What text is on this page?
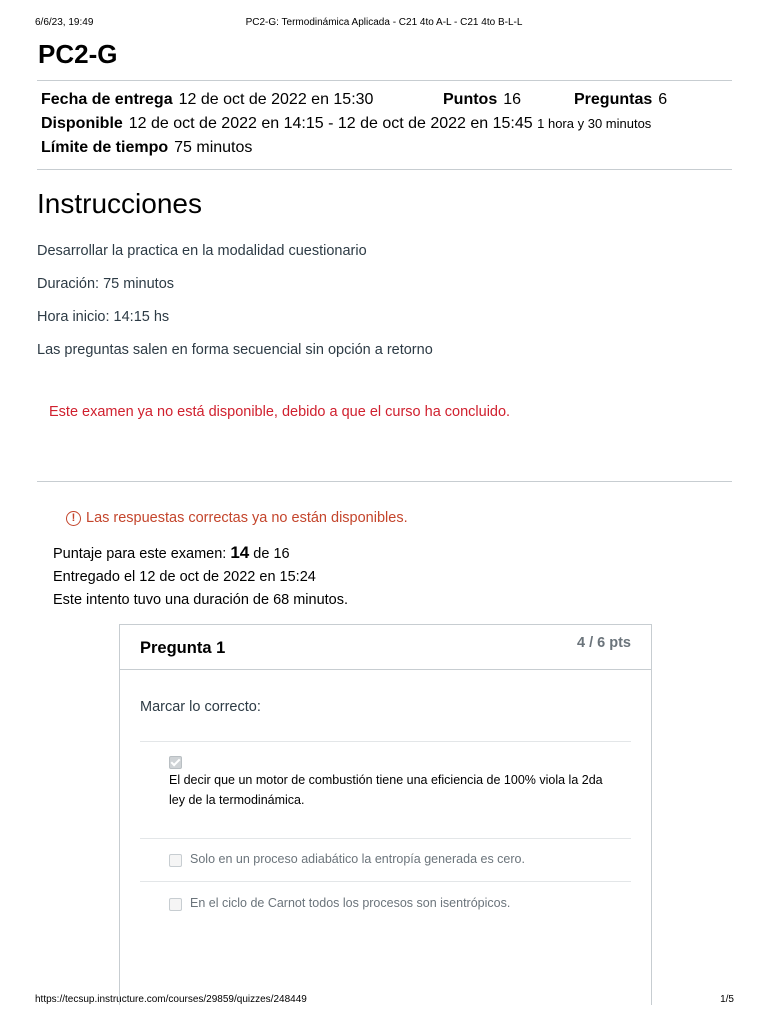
6/6/23, 19:49	PC2-G: Termodinámica Aplicada - C21 4to A-L - C21 4to B-L-L
https://tecsup.instructure.com/courses/29859/quizzes/248449	1/5
PC2-G
Fecha de entrega 12 de oct de 2022 en 15:30	Puntos 16	Preguntas 6
Disponible 12 de oct de 2022 en 14:15 - 12 de oct de 2022 en 15:45 1 hora y 30 minutos
Límite de tiempo 75 minutos
Instrucciones
Desarrollar la practica en la modalidad cuestionario
Duración: 75 minutos
Hora inicio: 14:15 hs
Las preguntas salen en forma secuencial sin opción a retorno
Este examen ya no está disponible, debido a que el curso ha concluido.
! Las respuestas correctas ya no están disponibles.
Puntaje para este examen: 14 de 16
Entregado el 12 de oct de 2022 en 15:24
Este intento tuvo una duración de 68 minutos.
Pregunta 1	4 / 6 pts
Marcar lo correcto:
El decir que un motor de combustión tiene una eficiencia de 100% viola la 2da ley de la termodinámica.
Solo en un proceso adiabático la entropía generada es cero.
En el ciclo de Carnot todos los procesos son isentrópicos.
